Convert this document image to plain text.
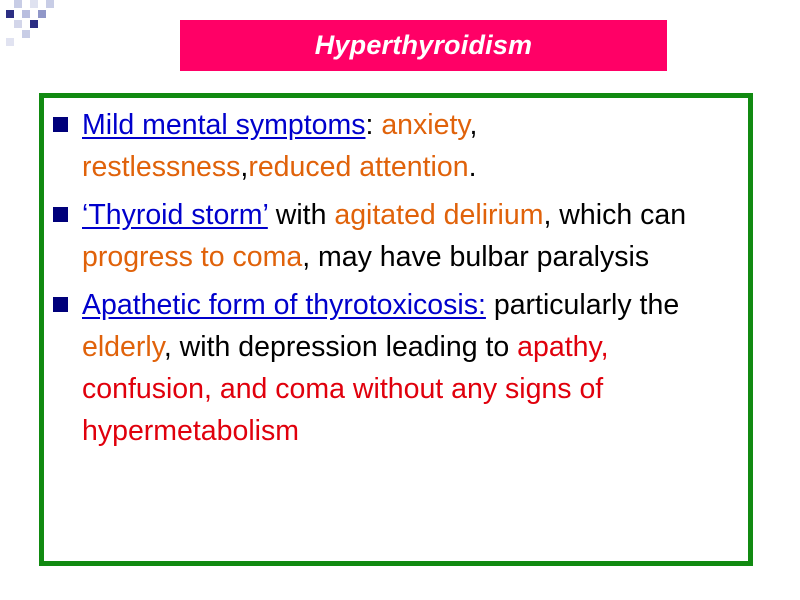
Hyperthyroidism
Mild mental symptoms: anxiety, restlessness,reduced attention.
‘Thyroid storm’ with agitated delirium, which can progress to coma, may have bulbar paralysis
Apathetic form of thyrotoxicosis: particularly the elderly, with depression leading to apathy, confusion, and coma without any signs of hypermetabolism
